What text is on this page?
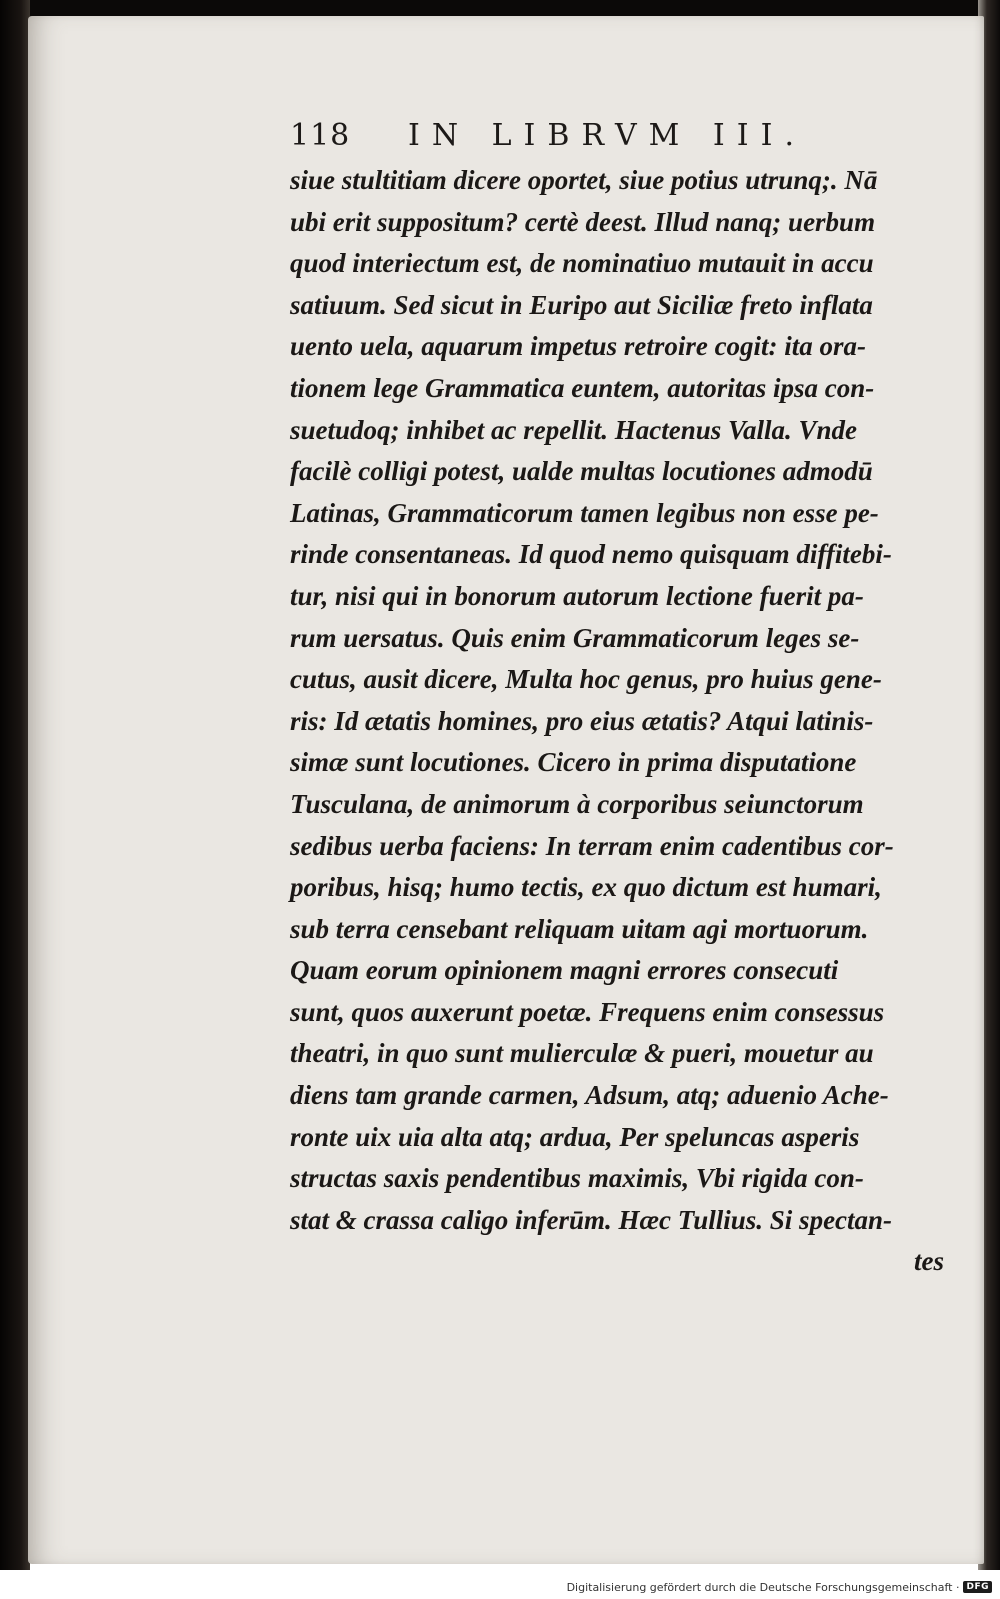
118 IN LIBRVM III.
siue stultitiam dicere oportet, siue potius utrunq;. Nā
ubi erit suppositum? certè deest. Illud nanq; uerbum
quod interiectum est, de nominatiuo mutauit in accu
satiuum. Sed sicut in Euripo aut Siciliæ freto inflata
uento uela, aquarum impetus retroire cogit: ita ora-
tionem lege Grammatica euntem, autoritas ipsa con-
suetudoq; inhibet ac repellit. Hactenus Valla. Vnde
facilè colligi potest, ualde multas locutiones admodū
Latinas, Grammaticorum tamen legibus non esse pe-
rinde consentaneas. Id quod nemo quisquam diffitebi-
tur, nisi qui in bonorum autorum lectione fuerit pa-
rum uersatus. Quis enim Grammaticorum leges se-
cutus, ausit dicere, Multa hoc genus, pro huius gene-
ris: Id ætatis homines, pro eius ætatis? Atqui latinis-
simæ sunt locutiones. Cicero in prima disputatione
Tusculana, de animorum à corporibus seiunctorum
sedibus uerba faciens: In terram enim cadentibus cor-
poribus, hisq; humo tectis, ex quo dictum est humari,
sub terra censebant reliquam uitam agi mortuorum.
Quam eorum opinionem magni errores consecuti
sunt, quos auxerunt poetæ. Frequens enim consessus
theatri, in quo sunt mulierculæ & pueri, mouetur au
diens tam grande carmen, Adsum, atq; aduenio Ache-
ronte uix uia alta atq; ardua, Per speluncas asperis
structas saxis pendentibus maximis, Vbi rigida con-
stat & crassa caligo inferūm. Hæc Tullius. Si spectan-
tes
Digitalisierung gefördert durch die Deutsche Forschungsgemeinschaft · DFG
